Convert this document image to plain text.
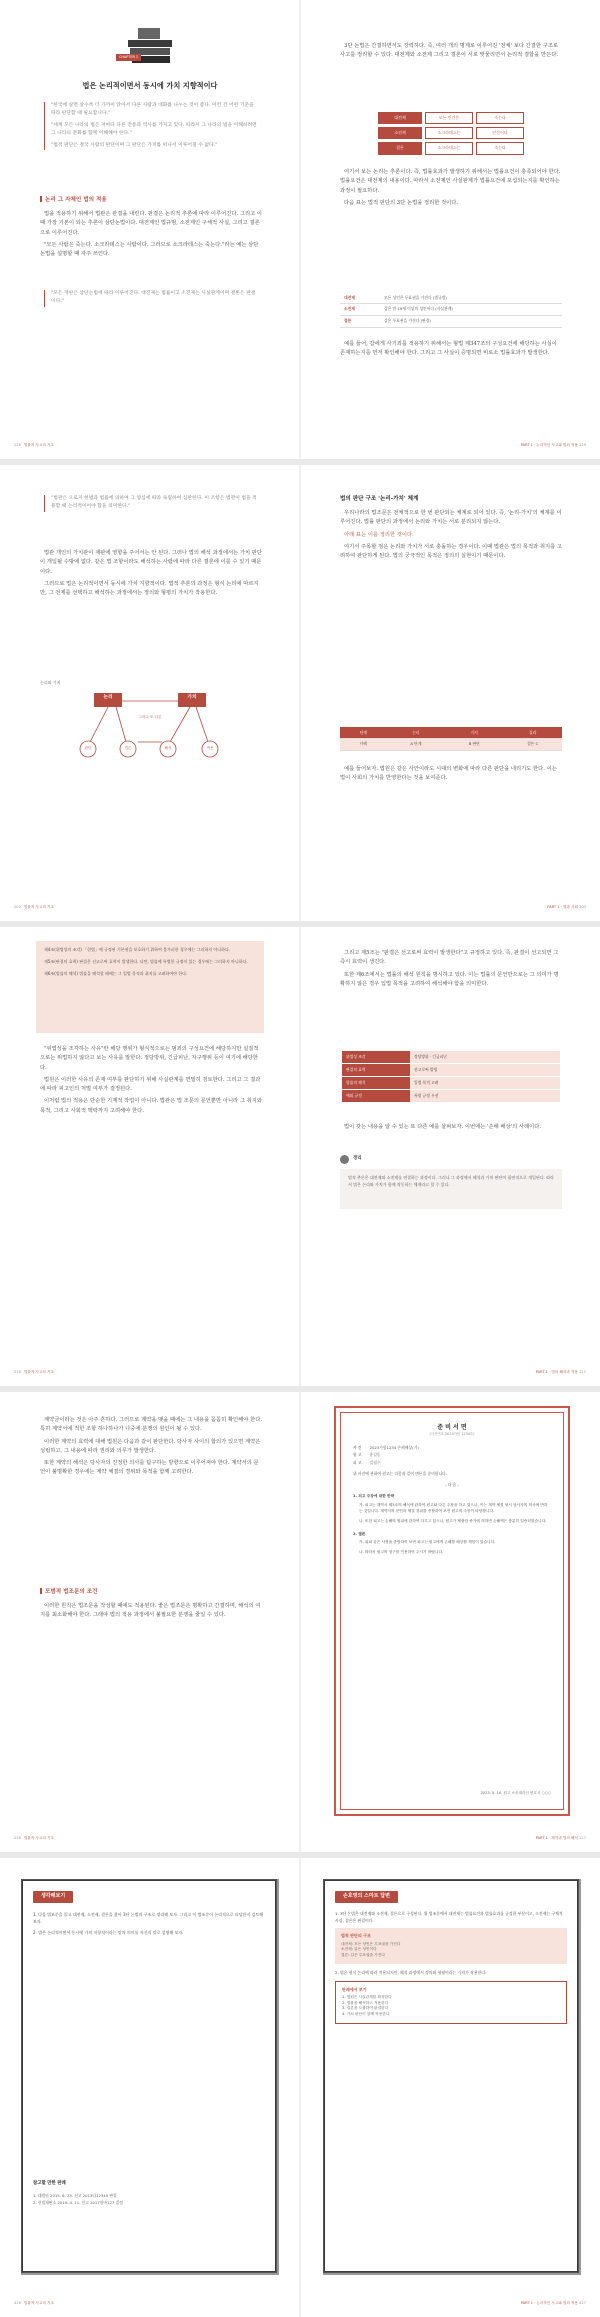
CHAPTER 1
법은 논리적이면서 동시에 가치 지향적이다

"한국에 살면 살수록 더 가까이 앉아서 다른 사람과 대화를 나누는 것이 좋다. 이런 건 어떤 기준을 따라 판단할 때 필요합니다."

"세계 모든 나라의 법은 저마다 다른 전통과 역사를 가지고 있다. 따라서 그 나라의 법을 이해하려면 그 나라의 문화를 함께 이해해야 한다."

"법적 판단은 결국 사람의 판단이며 그 판단은 가치를 떠나서 이루어질 수 없다."

논리 그 자체인 법의 적용

법을 적용하기 위해서 법관은 판결을 내린다. 판결은 논리적 추론에 따라 이루어진다. 그리고 이때 가장 기본이 되는 추론이 삼단논법이다. 대전제인 법규범, 소전제인 구체적 사실, 그리고 결론으로 이루어진다.

"모든 사람은 죽는다. 소크라테스는 사람이다. 그러므로 소크라테스는 죽는다."라는 예는 삼단논법을 설명할 때 자주 쓰인다.

"모든 재판은 삼단논법에 따라 이루어진다. 대전제는 법률이고 소전제는 사실관계이며 결론은 판결이다."

228 법률적 사고의 기초

3단 논법은 간결하면서도 강력하다. 즉, 여러 개의 명제로 이루어진 '전체' 보다 간결한 구조로 사고를 정리할 수 있다. 대전제와 소전제 그리고 결론이 서로 맞물리면서 논리적 결합을 만든다.

대전제	모든 인간은	죽는다
소전제	소크라테스는	인간이다
결론	소크라테스는	죽는다

여기서 보는 논리는 추론이다. 즉, 법률효과가 발생하기 위해서는 법률요건이 충족되어야 한다. 법률요건은 대전제의 내용이다. 따라서 소전제인 사실관계가 법률요건에 포섭되는지를 확인하는 과정이 필요하다.

다음 표는 법적 판단의 3단 논법을 정리한 것이다.

대전제	모든 성인은 투표권을 가진다 (법규범)
소전제	갑은 만 19세 이상의 성인이다 (사실관계)
결론	갑은 투표권을 가진다 (판결)

예를 들어, 갑에게 사기죄를 적용하기 위해서는 형법 제347조의 구성요건에 해당하는 사실이 존재하는지를 먼저 확인해야 한다. 그리고 그 사실이 증명되면 비로소 법률효과가 발생한다.

PART 1 · 논리적인 사고와 법의 적용 229

"법관은 오로지 헌법과 법률에 의하여 그 양심에 따라 독립하여 심판한다. 이 조항은 법관이 법을 적용할 때 논리적이어야 함을 의미한다."

법관 개인의 가치관이 재판에 영향을 주어서는 안 된다. 그러나 법의 해석 과정에서는 가치 판단이 개입될 수밖에 없다. 같은 법 조항이라도 해석하는 사람에 따라 다른 결론에 이를 수 있기 때문이다.

그러므로 법은 논리적이면서 동시에 가치 지향적이다. 법적 추론의 과정은 형식 논리에 따르지만, 그 전제를 선택하고 해석하는 과정에서는 정의와 형평의 가치가 작용한다.

논리와 가치
논리	가치
그러나 또 다른
판단	결론	해석	적용
202 법률적 사고의 기초
법의 판단 구조 '논리-가치' 체계

우리나라의 법조문은 전체적으로 한 번 판단되는 체계로 되어 있다. 즉, '논리-가치'의 체계를 이루어진다. 법률 판단의 과정에서 논리와 가치는 서로 분리되지 않는다.

아래 표는 이를 정리한 것이다.

여기서 주목할 점은 논리와 가치가 서로 충돌하는 경우이다. 이때 법관은 법의 목적과 취지를 고려하여 판단하게 된다. 법의 궁극적인 목적은 정의의 실현이기 때문이다.

단계	논리	가치	결과
사례	A 단계	B 판단	결론 C

예를 들어보자. 법원은 같은 사안이라도 시대의 변화에 따라 다른 판단을 내리기도 한다. 이는 법이 사회의 가치를 반영한다는 것을 보여준다.

PART 1 · 법과 사회 203

제4조(위법성의 조각) 「헌법」에 규정된 기본권을 보호하기 위하여 불가피한 경우에는 그러하지 아니하다.

제5조(판결의 효력) 판결은 선고로써 효력이 발생한다. 다만, 법률에 특별한 규정이 있는 경우에는 그러하지 아니하다.

제6조(법률의 해석) 법률을 해석할 때에는 그 입법 목적과 취지를 고려하여야 한다.

"위법성을 조각하는 사유"란 해당 행위가 형식적으로는 범죄의 구성요건에 해당하지만 실질적으로는 위법하지 않다고 보는 사유를 말한다. 정당방위, 긴급피난, 자구행위 등이 여기에 해당한다.

법원은 이러한 사유의 존재 여부를 판단하기 위해 사실관계를 면밀히 검토한다. 그리고 그 결과에 따라 피고인의 처벌 여부가 결정된다.

이처럼 법의 적용은 단순한 기계적 작업이 아니다. 법관은 법 조문의 문언뿐만 아니라 그 취지와 목적, 그리고 사회적 맥락까지 고려해야 한다.

210 법률적 사고의 기초

그리고 제5조는 "판결은 선고로써 효력이 발생한다"고 규정하고 있다. 즉, 판결이 선고되면 그 즉시 효력이 생긴다.

또한 제6조에서는 법률의 해석 원칙을 명시하고 있다. 이는 법률의 문언만으로는 그 의미가 명확하지 않은 경우 입법 목적을 고려하여 해석해야 함을 의미한다.

위법성 조각	정당방위 · 긴급피난
판결의 효력	선고로써 발생
법률의 해석	입법 목적 고려
예외 규정	특별 규정 우선

법이 갖는 내용을 알 수 있는 또 다른 예를 살펴보자. 이번에는 '손해 배상'의 사례이다.

정리

법적 추론은 대전제와 소전제를 연결하는 과정이다. 그러나 그 과정에서 해석과 가치 판단이 필연적으로 개입된다. 따라서 법은 논리와 가치가 함께 작동하는 체계라고 할 수 있다.

PART 1 · 법의 해석과 적용 211

계약금이라는 것은 아주 흔하다. 그러므로 계약을 맺을 때에는 그 내용을 꼼꼼히 확인해야 한다. 특히 계약서에 적힌 조항 하나하나가 나중에 분쟁의 원인이 될 수 있다.

이러한 계약의 효력에 대해 법원은 다음과 같이 판단한다. 당사자 사이의 합의가 있으면 계약은 성립하고, 그 내용에 따라 권리와 의무가 발생한다.

또한 계약의 해석은 당사자의 진정한 의사를 탐구하는 방향으로 이루어져야 한다. 계약서의 문언이 불명확한 경우에는 계약 체결의 경위와 목적을 함께 고려한다.

모범적 법조문의 조건

이러한 원칙은 법조문을 작성할 때에도 적용된다. 좋은 법조문은 명확하고 간결하며, 해석의 여지를 최소화해야 한다. 그래야 법의 적용 과정에서 불필요한 분쟁을 줄일 수 있다.

226 법률적 사고의 기초
준 비 서 면
(사건번호 2023가합 1234호)
사 건	2023가합1234 손해배상(기)
원 고	홍길동
피 고	김철수

위 사건에 관하여 원고는 다음과 같이 변론을 준비합니다.

- 다 음 -

1. 피고 주장에 대한 반박

가. 피고는 계약서 제3조의 해석에 관하여 원고와 다른 주장을 하고 있으나, 이는 계약 체결 당시 당사자의 의사에 반하는 것입니다. 계약서의 문언과 체결 경위를 종합하여 보면 원고의 주장이 타당합니다.

나. 또한 피고는 손해의 범위에 관하여 다투고 있으나, 원고가 제출한 증거에 의하면 손해액은 충분히 입증되었습니다.

2. 결론

가. 위와 같은 사정을 종합하여 보면 피고는 원고에게 손해를 배상할 책임이 있습니다.

나. 따라서 원고의 청구를 인용하여 주시기 바랍니다.

2023. 5. 10. 원고 소송대리인 변호사 ○○○

PART 1 · 계약과 법의 해석 227
생각해보기

1. 다음 법조문을 읽고 대전제, 소전제, 결론을 찾아 3단 논법의 구조로 정리해 보자. 그리고 이 법조문이 논리적으로 타당한지 검토해 보자.

2. 법은 논리적이면서 동시에 가치 지향적이라는 말의 의미를 자신의 말로 설명해 보자.

참고할 만한 판례

1. 대법원 2015. 6. 23. 선고 2013다12345 판결

2. 헌법재판소 2019. 4. 11. 선고 2017헌바127 결정

426 법률적 사고의 기초
손호영의 스마트 답변

1. 3단 논법은 대전제와 소전제, 결론으로 구성된다. 위 법조문에서 대전제는 법률요건과 법률효과를 규정한 부분이고, 소전제는 구체적 사실, 결론은 판결이다.

법적 판단의 구조

대전제: 모든 성인은 투표권을 가진다

소전제: 갑은 성인이다

결론: 갑은 투표권을 가진다

2. 법은 형식 논리에 따라 적용되지만, 해석 과정에서 정의와 형평이라는 가치가 작용한다.

판례에서 보기

1. 법원은 사실관계를 확정한다

2. 법률을 해석하고 적용한다

3. 결론을 도출하여 판결한다

4. 가치 판단이 함께 작용한다

PART 1 · 논리적인 사고와 법의 적용 427
